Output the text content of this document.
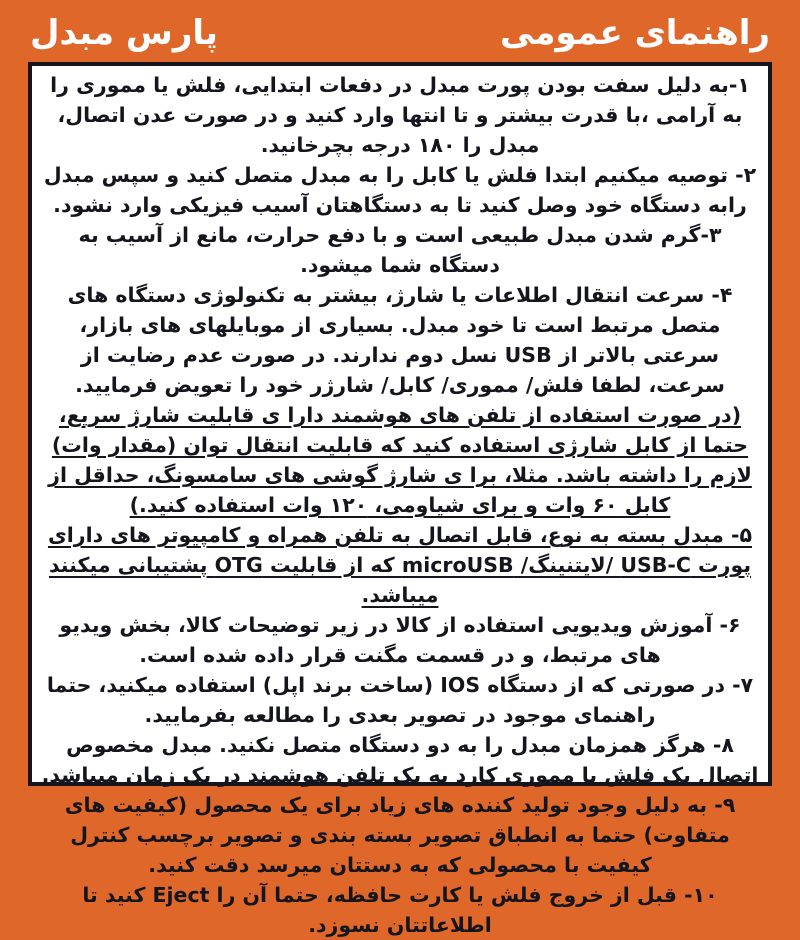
راهنمای عمومی
پارس مبدل

۱-به دلیل سفت بودن پورت مبدل در دفعات ابتدایی، فلش یا مموری را به آرامی ،با قدرت بیشتر و تا انتها وارد کنید و در صورت عدن اتصال، مبدل را ۱۸۰ درجه بچرخانید.

۲- توصیه میکنیم ابتدا فلش یا کابل را به مبدل متصل کنید و سپس مبدل رابه دستگاه خود وصل کنید تا به دستگاهتان آسیب فیزیکی وارد نشود.

۳-گرم شدن مبدل طبیعی است و با دفع حرارت، مانع از آسیب به دستگاه شما میشود.

۴- سرعت انتقال اطلاعات یا شارژ، بیشتر به تکنولوژی دستگاه های متصل مرتبط است تا خود مبدل. بسیاری از موبایلهای های بازار، سرعتی بالاتر از USB نسل دوم ندارند. در صورت عدم رضایت از سرعت، لطفا فلش/ مموری/ کابل/ شارژر خود را تعویض فرمایید.

(در صورت استفاده از تلفن های هوشمند دارا ی قابلیت شارژ سریع، حتما از کابل شارژی استفاده کنید که قابلیت انتقال توان (مقدار وات) لازم را داشته باشد. مثلا، برا ی شارژ گوشی های سامسونگ، حداقل از کابل ۶۰ وات و برای شیاومی، ۱۲۰ وات استفاده کنید.)

۵- مبدل بسته به نوع، قابل اتصال به تلفن همراه و کامپیوتر های دارای پورت USB-C /لایتنینگ/ microUSB که از قابلیت OTG پشتیبانی میکنند میباشد.

۶- آموزش ویدیویی استفاده از کالا در زیر توضیحات کالا، بخش ویدیو های مرتبط، و در قسمت مگنت قرار داده شده است.

۷- در صورتی که از دستگاه IOS (ساخت برند اپل) استفاده میکنید، حتما راهنمای موجود در تصویر بعدی را مطالعه بفرمایید.

۸- هرگز همزمان مبدل را به دو دستگاه متصل نکنید. مبدل مخصوص اتصال یک فلش یا مموری کارد به یک تلفن هوشمند در یک زمان میباشد.

۹- به دلیل وجود تولید کننده های زیاد برای یک محصول (کیفیت های متفاوت) حتما به انطباق تصویر بسته بندی و تصویر برچسب کنترل کیفیت با محصولی که به دستتان میرسد دقت کنید.

۱۰- قبل از خروج فلش یا کارت حافظه، حتما آن را Eject کنید تا اطلاعاتتان نسوزد.
